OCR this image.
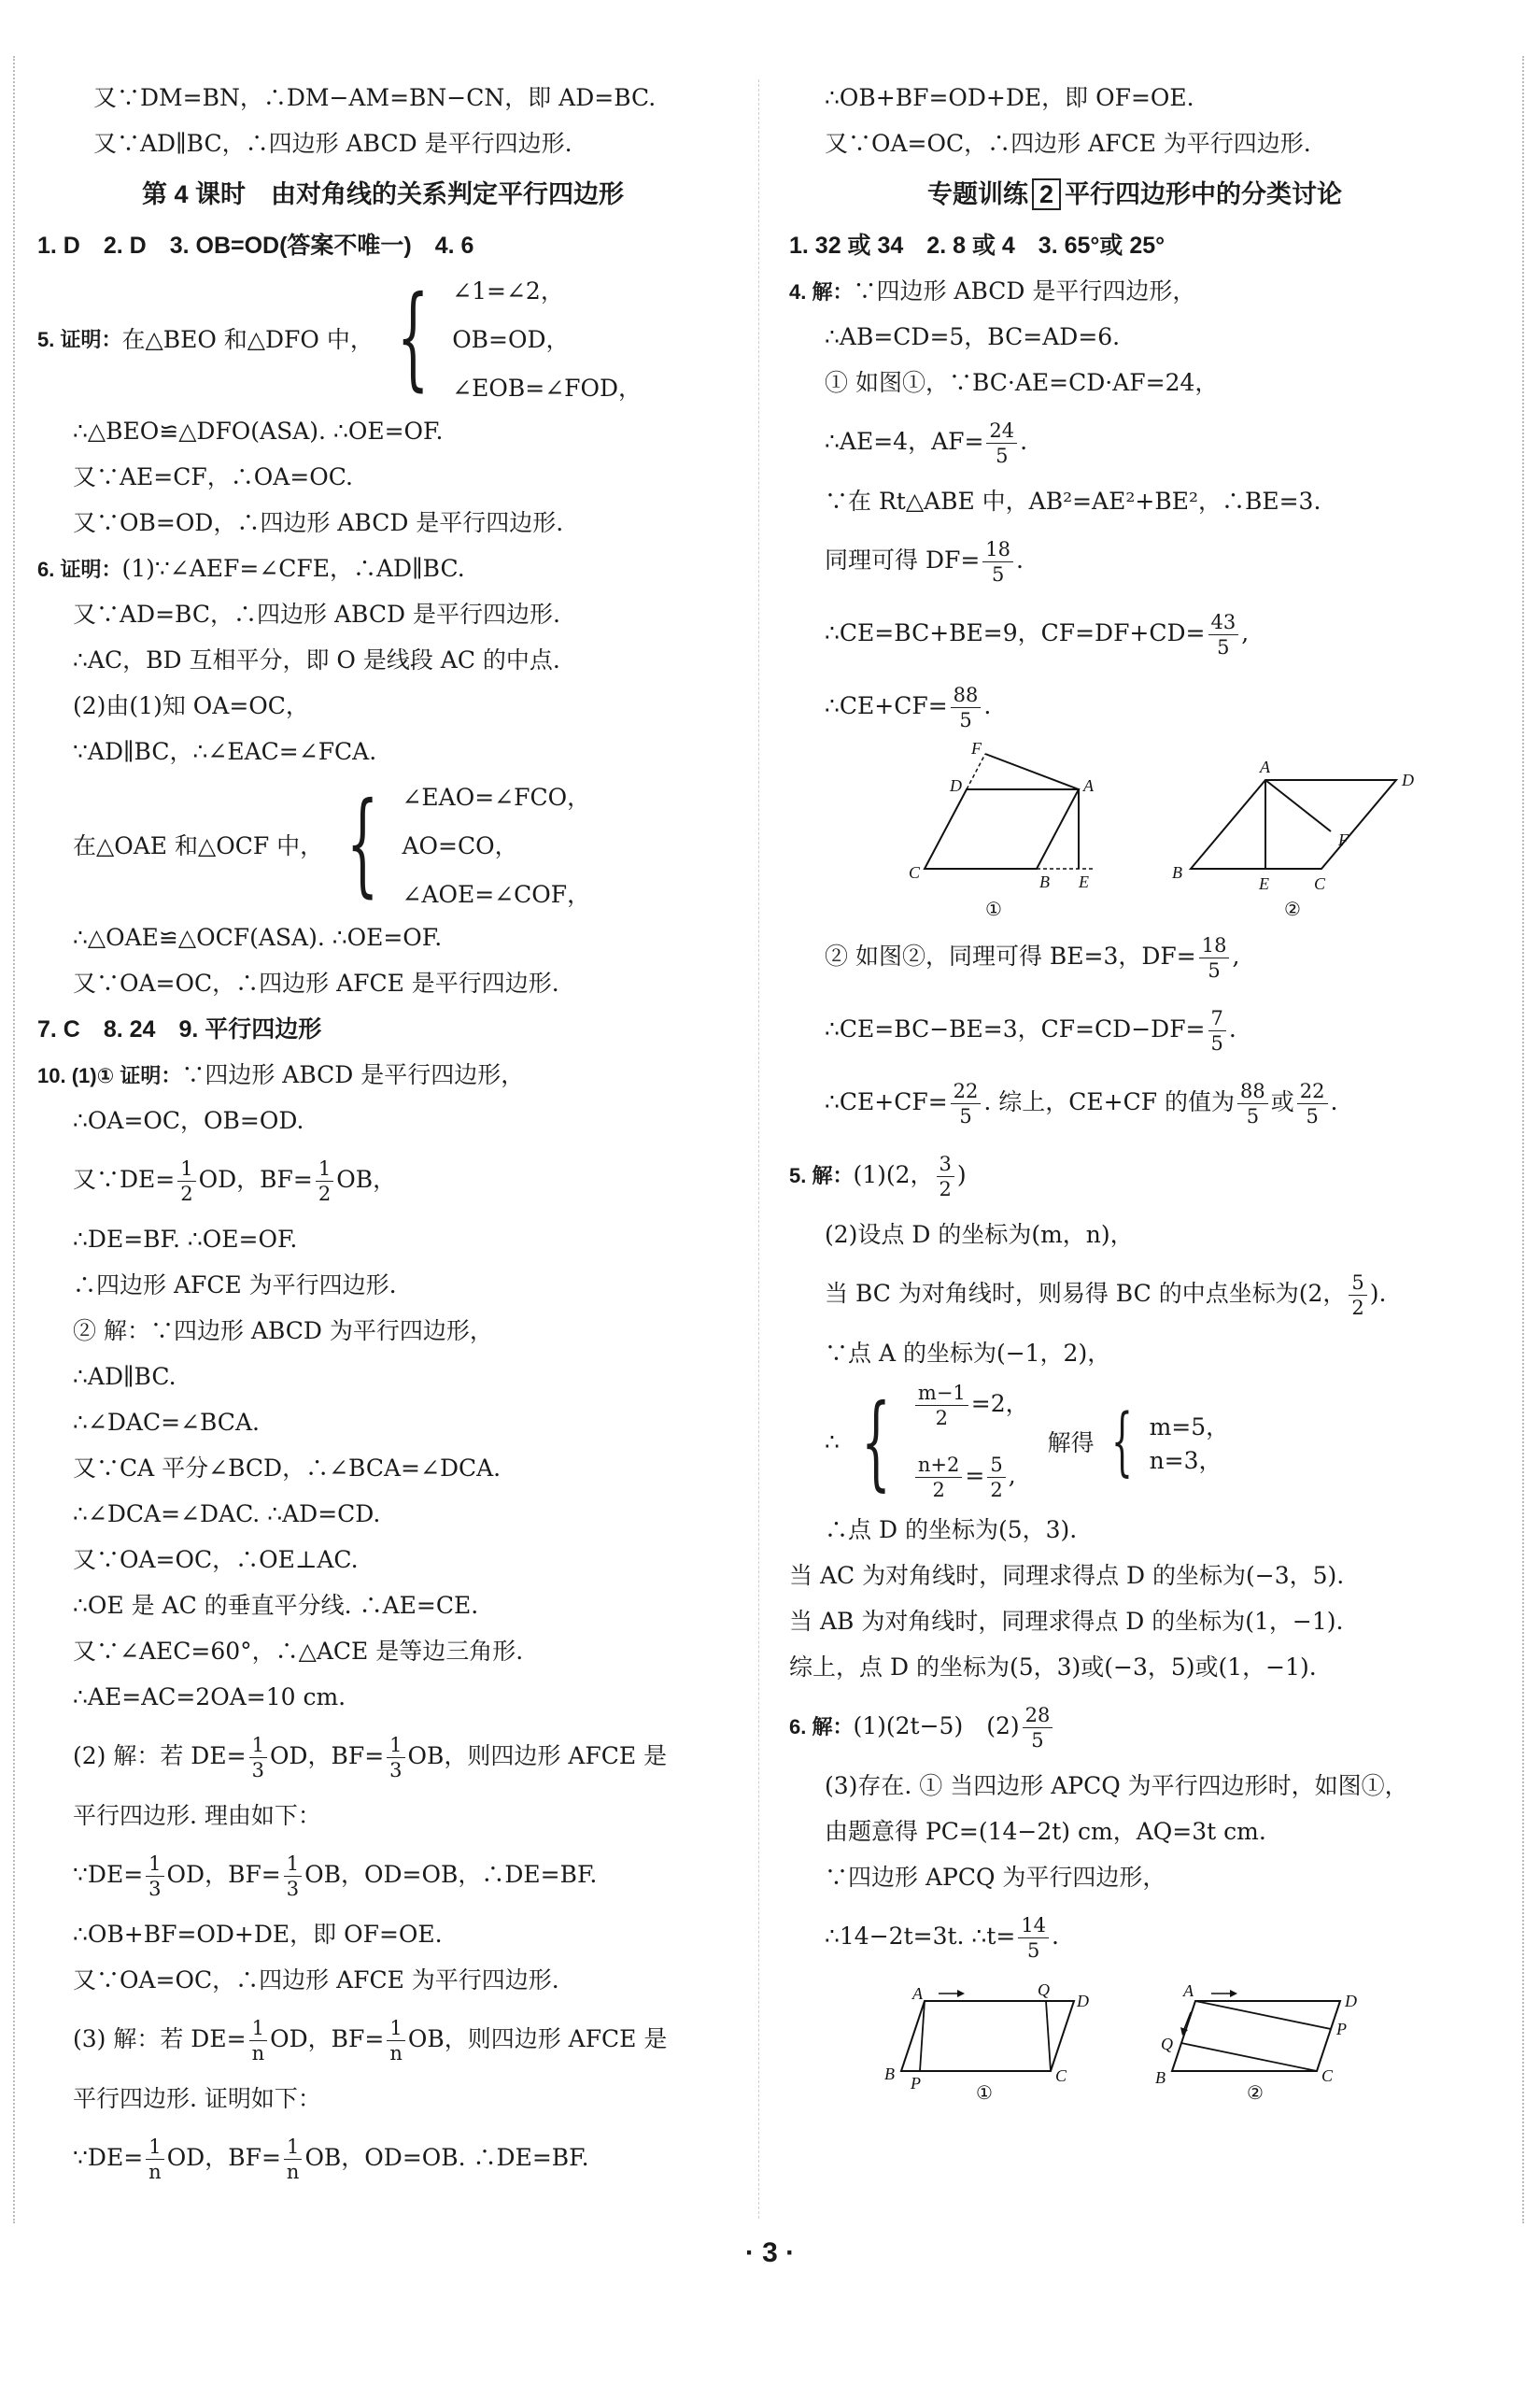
又∵DM=BN，∴DM−AM=BN−CN，即 AD=BC.
又∵AD∥BC，∴四边形 ABCD 是平行四边形.
第 4 课时　由对角线的关系判定平行四边形
1. D　2. D　3. OB=OD(答案不唯一)　4. 6
5. 证明： 在△BEO 和△DFO 中， { ∠1=∠2，
OB=OD，
∠EOB=∠FOD，
∴△BEO≌△DFO(ASA). ∴OE=OF.
又∵AE=CF，∴OA=OC.
又∵OB=OD，∴四边形 ABCD 是平行四边形.
6. 证明：(1)∵∠AEF=∠CFE，∴AD∥BC.
又∵AD=BC，∴四边形 ABCD 是平行四边形.
∴AC，BD 互相平分，即 O 是线段 AC 的中点.
(2)由(1)知 OA=OC，
∵AD∥BC，∴∠EAC=∠FCA.
在△OAE 和△OCF 中， { ∠EAO=∠FCO，
AO=CO，
∠AOE=∠COF，
∴△OAE≌△OCF(ASA). ∴OE=OF.
又∵OA=OC，∴四边形 AFCE 是平行四边形.
7. C　8. 24　9. 平行四边形
10. (1)① 证明：∵四边形 ABCD 是平行四边形，
∴OA=OC，OB=OD.
又∵DE= $\frac{1}{2}$ OD，$BF= \frac{1}{2}$ OB，
∴DE=BF. ∴OE=OF.
∴四边形 AFCE 为平行四边形.
② 解：∵四边形 ABCD 为平行四边形，
∴AD∥BC.
∴∠DAC=∠BCA.
又∵CA 平分∠BCD，∴∠BCA=∠DCA.
∴∠DCA=∠DAC. ∴AD=CD.
又∵OA=OC，∴OE⊥AC.
∴OE 是 AC 的垂直平分线. ∴AE=CE.
又∵∠AEC=60°，∴△ACE 是等边三角形.
∴AE=AC=2OA=10 cm.
(2) 解：若 $DE= \frac{1}{3}$ OD，$BF= \frac{1}{3}$ OB，则四边形 AFCE 是
平行四边形. 理由如下：
∵DE= $\frac{1}{3}$ OD，$BF= \frac{1}{3}$ OB，OD=OB，∴DE=BF.
∴OB+BF=OD+DE，即 OF=OE.
又∵OA=OC，∴四边形 AFCE 为平行四边形.
(3) 解：若 $DE= \frac{1}{n}$ OD，$BF= \frac{1}{n}$ OB，则四边形 AFCE 是
平行四边形. 证明如下：
∵DE= $\frac{1}{n}$ OD，$BF= \frac{1}{n}$ OB，OD=OB. ∴DE=BF.
∴OB+BF=OD+DE，即 OF=OE.
又∵OA=OC，∴四边形 AFCE 为平行四边形.
专题训练 2 平行四边形中的分类讨论
1. 32 或 34　2. 8 或 4　3. 65°或 25°
4. 解：∵四边形 ABCD 是平行四边形，
∴AB=CD=5，BC=AD=6.
① 如图①，∵BC·AE=CD·AF=24，
∴AE=4，$AF= \frac{24}{5}$ .
∵在 Rt△ABE 中，AB²=AE²+BE²，∴BE=3.
同理可得 $DF= \frac{18}{5}$ .
∴CE=BC+BE=9，$CF=DF+CD= \frac{43}{5}$ ,
∴CE+CF= $\frac{88}{5}$ .
F
D	A
C	B E
①
A
D
B
E	C
F
②
② 如图②，同理可得 BE=3，$DF= \frac{18}{5}$ ,
∴CE=BC−BE=3，$CF=CD-DF= \frac{7}{5}$ .
∴CE+CF= $\frac{22}{5}$ . 综上，CE+CF 的值为 $\frac{88}{5}$ 或 $\frac{22}{5}$ .
5. 解：(1)(2， $\frac{3}{2}$ )
(2)设点 D 的坐标为(m，n)，
当 BC 为对角线时，则易得 BC 的中点坐标为(2， $\frac{5}{2}$ ).
∵点 A 的坐标为(−1，2)，
∴ { $\frac{m-1}{2} =2$，
$\frac{n+2}{2} = \frac{5}{2}$ ,
解得 { m=5，
n=3，
∴点 D 的坐标为(5，3).
当 AC 为对角线时，同理求得点 D 的坐标为(−3，5).
当 AB 为对角线时，同理求得点 D 的坐标为(1，−1).
综上，点 D 的坐标为(5，3)或(−3，5)或(1，−1).
6. 解：(1)(2t−5)　$(2) \frac{28}{5}$
(3)存在. ① 当四边形 APCQ 为平行四边形时，如图①，
由题意得 PC=(14−2t) cm，AQ=3t cm.
∵四边形 APCQ 为平行四边形，
∴14−2t=3t. ∴t= $\frac{14}{5}$ .
A	Q
D
B P	C
①
A
D
P
Q
B	C
②
· 3 ·
